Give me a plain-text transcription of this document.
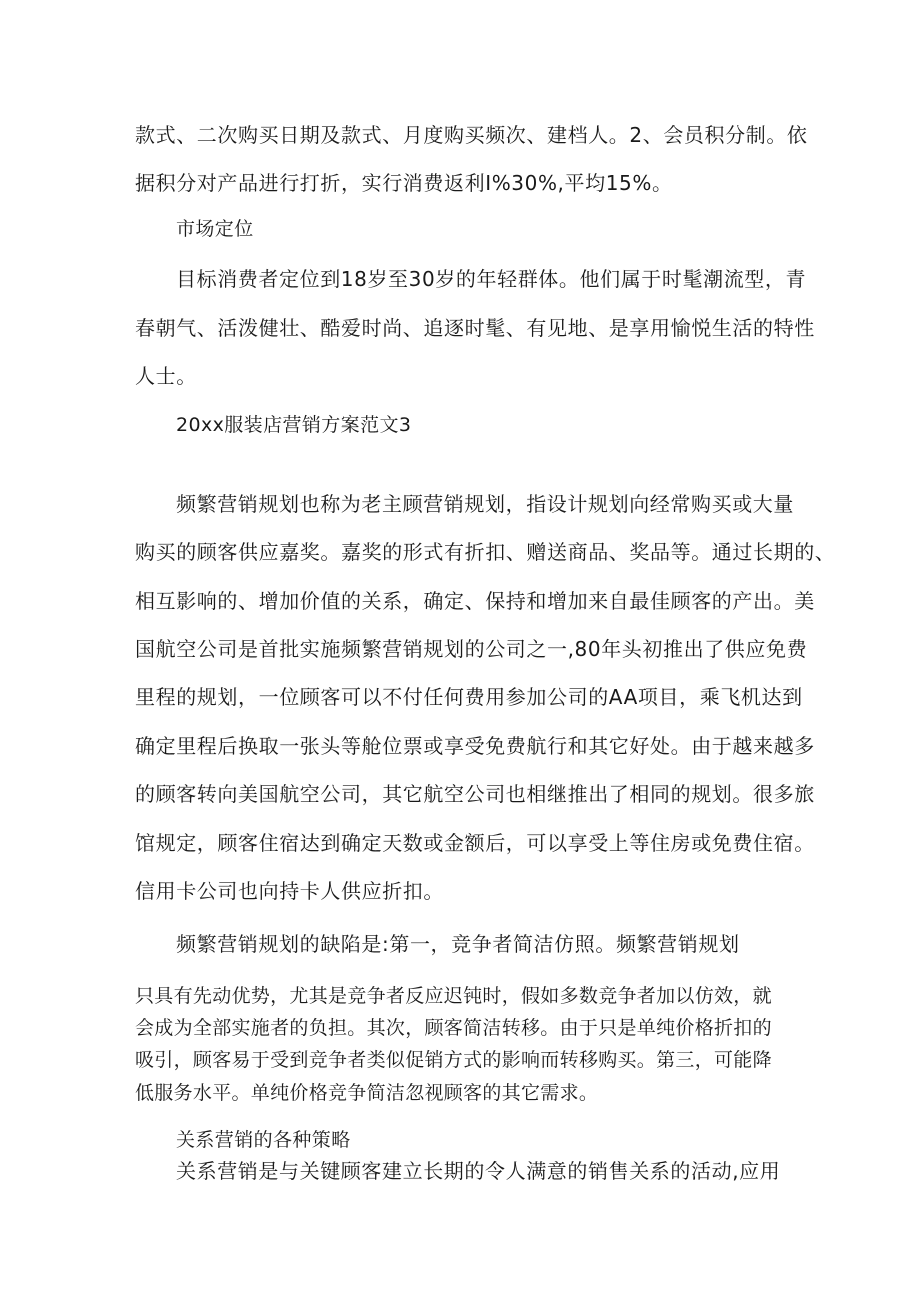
款式、二次购买日期及款式、月度购买频次、建档人。2、会员积分制。依
据积分对产品进行打折，实行消费返利I%30%,平均15%。
市场定位
目标消费者定位到18岁至30岁的年轻群体。他们属于时髦潮流型，青
春朝气、活泼健壮、酷爱时尚、追逐时髦、有见地、是享用愉悦生活的特性
人士。
20xx服装店营销方案范文3
频繁营销规划也称为老主顾营销规划，指设计规划向经常购买或大量
购买的顾客供应嘉奖。嘉奖的形式有折扣、赠送商品、奖品等。通过长期的、
相互影响的、增加价值的关系，确定、保持和增加来自最佳顾客的产出。美
国航空公司是首批实施频繁营销规划的公司之一,80年头初推出了供应免费
里程的规划，一位顾客可以不付任何费用参加公司的AA项目，乘飞机达到
确定里程后换取一张头等舱位票或享受免费航行和其它好处。由于越来越多
的顾客转向美国航空公司，其它航空公司也相继推出了相同的规划。很多旅
馆规定，顾客住宿达到确定天数或金额后，可以享受上等住房或免费住宿。
信用卡公司也向持卡人供应折扣。
频繁营销规划的缺陷是:第一，竞争者简洁仿照。频繁营销规划
只具有先动优势，尤其是竞争者反应迟钝时，假如多数竞争者加以仿效，就
会成为全部实施者的负担。其次，顾客简洁转移。由于只是单纯价格折扣的
吸引，顾客易于受到竞争者类似促销方式的影响而转移购买。第三，可能降
低服务水平。单纯价格竞争简洁忽视顾客的其它需求。
关系营销的各种策略
关系营销是与关键顾客建立长期的令人满意的销售关系的活动,应用
